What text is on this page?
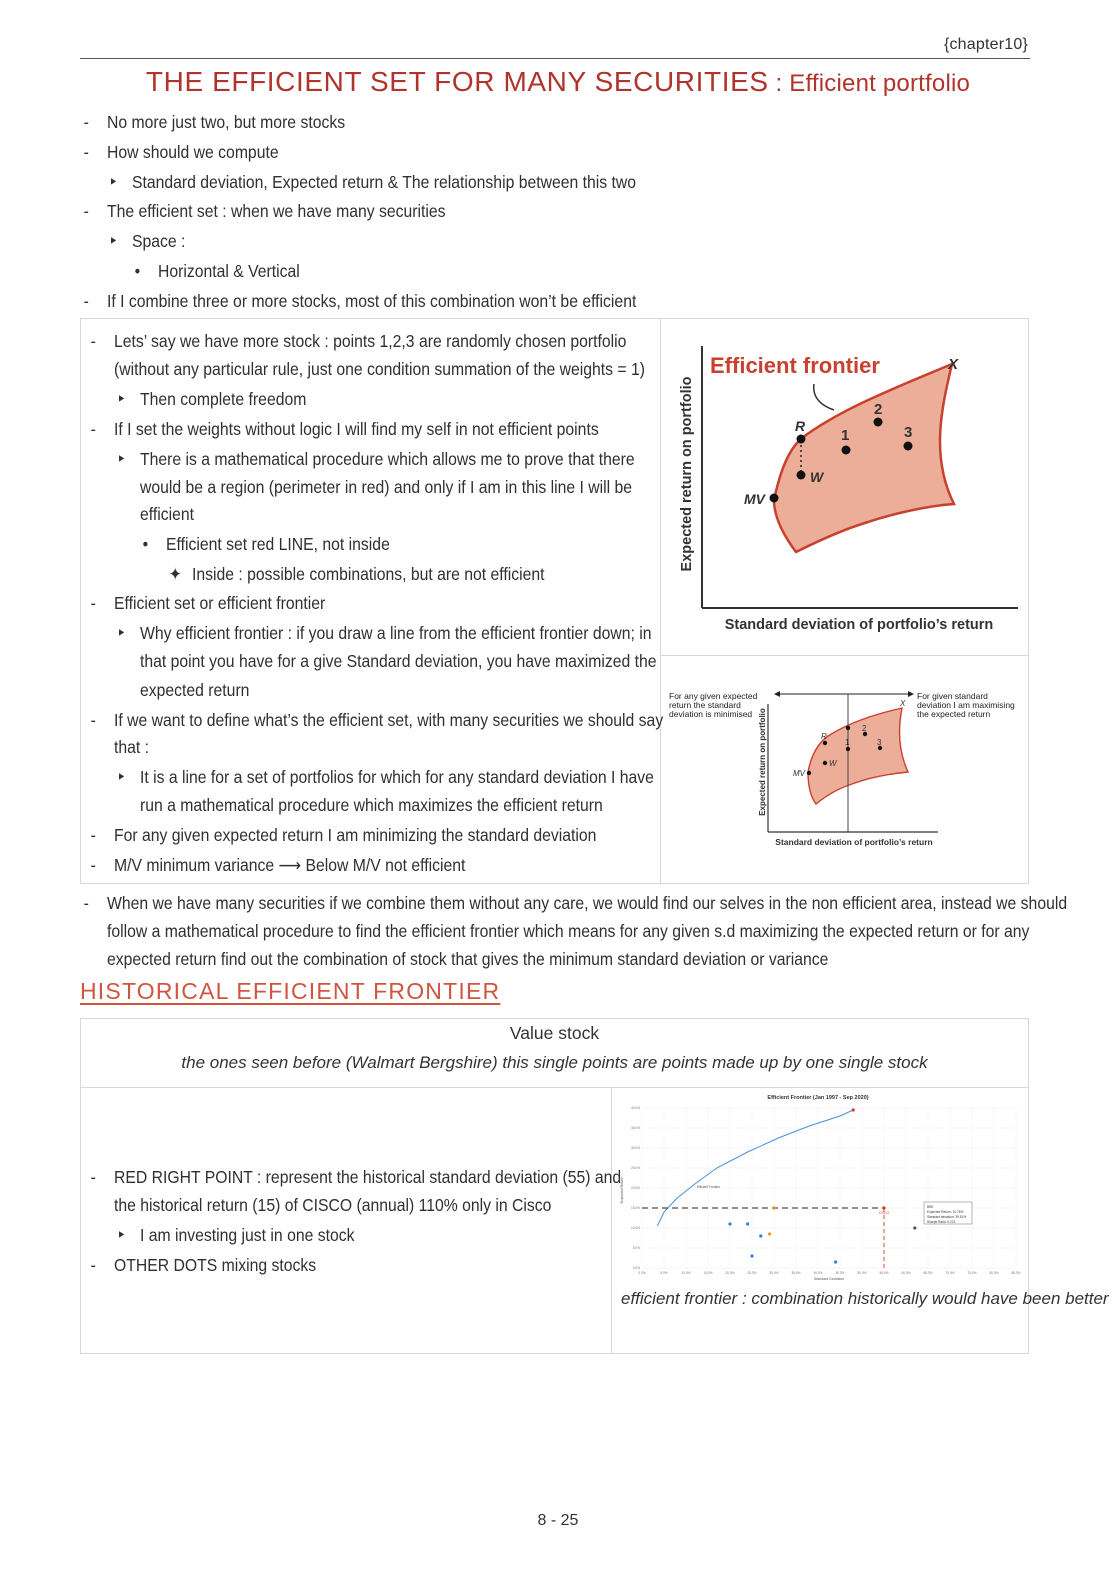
{chapter10}
THE EFFICIENT SET FOR MANY SECURITIES : Efficient portfolio
- No more just two, but more stocks
- How should we compute
‣ Standard deviation, Expected return & The relationship between this two
- The efficient set : when we have many securities
‣ Space :
• Horizontal & Vertical
- If I combine three or more stocks, most of this combination won’t be efficient
- Lets’ say we have more stock : points 1,2,3 are randomly chosen portfolio
(without any particular rule, just one condition summation of the weights = 1)
‣ Then complete freedom
- If I set the weights without logic I will find my self in not efficient points
‣ There is a mathematical procedure which allows me to prove that there
would be a region (perimeter in red) and only if I am in this line I will be
efficient
• Efficient set red LINE, not inside
✦ Inside : possible combinations, but are not efficient
- Efficient set or efficient frontier
‣ Why efficient frontier : if you draw a line from the efficient frontier down; in
that point you have for a give Standard deviation, you have maximized the
expected return
- If we want to define what’s the efficient set, with many securities we should say
that :
‣ It is a line for a set of portfolios for which for any standard deviation I have
run a mathematical procedure which maximizes the efficient return
- For any given expected return I am minimizing the standard deviation
- M/V minimum variance ⟶ Below M/V not efficient
Expected return on portfolio
Standard deviation of portfolio’s return
Efficient frontier	X
R
W
MV
1
2
3
For any given expected
return the standard
deviation is minimised
For given standard
deviation I am maximising
the expected return
Expected return on portfolio
Standard deviation of portfolio’s return
X
R
W
MV
1
2
3
- When we have many securities if we combine them without any care, we would find our selves in the non efficient area, instead we should
follow a mathematical procedure to find the efficient frontier which means for any given s.d maximizing the expected return or for any
expected return find out the combination of stock that gives the minimum standard deviation or variance
HISTORICAL EFFICIENT FRONTIER
Value stock
the ones seen before (Walmart Bergshire) this single points are points made up by one single stock
efficient frontier : combination historically would have been better
- RED RIGHT POINT : represent the historical standard deviation (55) and
the historical return (15) of CISCO (annual) 110% only in Cisco
‣ I am investing just in one stock
- OTHER DOTS mixing stocks
Efficient Frontier (Jan 1997 - Sep 2020)
Expected Return
Standard Deviation
0.0%
5.0%
10.0%
15.0%
20.0%
25.0%
30.0%
35.0%
40.0%
0.0%	5.0%	10.0%	15.0%	20.0%	25.0%	30.0%	35.0%	40.0%	45.0%	50.0%	55.0%	60.0%	65.0%	70.0%	75.0%	80.0%	85.0%
Efficient Frontier
CSCO
BRK
Expected Return: 10.76%
Standard deviation: 39.51%
Sharpe Ratio: 0.223
8 - 25
